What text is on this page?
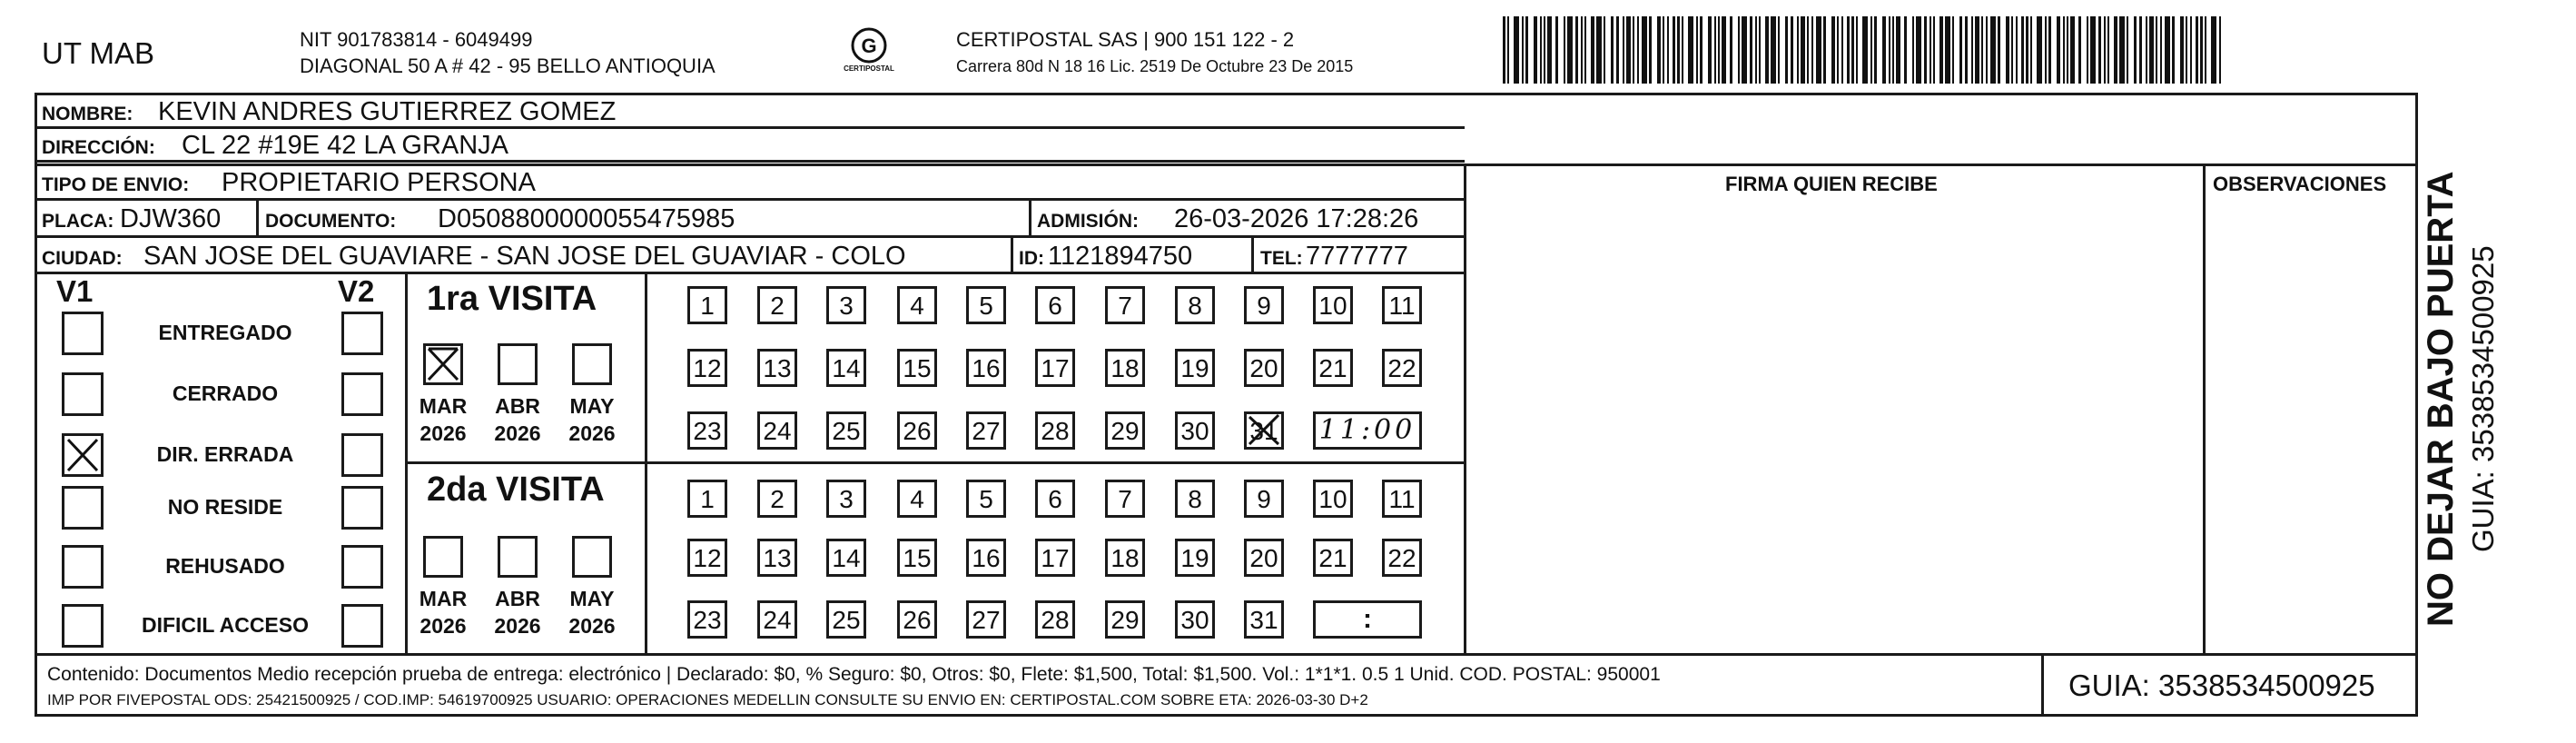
UT MAB	NIT 901783814 - 6049499
DIAGONAL 50 A # 42 - 95 BELLO ANTIOQUIA
G
CERTIPOSTAL
CERTIPOSTAL SAS | 900 151 122 - 2
Carrera 80d N 18 16 Lic. 2519 De Octubre 23 De 2015
NOMBRE: KEVIN ANDRES GUTIERREZ GOMEZ
DIRECCIÓN: CL 22 #19E 42 LA GRANJA
TIPO DE ENVIO: PROPIETARIO PERSONA	FIRMA QUIEN RECIBE	OBSERVACIONES
PLACA: DJW360 DOCUMENTO: D0508800000055475985	ADMISIÓN: 26-03-2026 17:28:26
CIUDAD: SAN JOSE DEL GUAVIARE - SAN JOSE DEL GUAVIAR - COLO	ID: 1121894750	TEL: 7777777
V1	V2
ENTREGADO
CERRADO
DIR. ERRADA
NO RESIDE
REHUSADO
DIFICIL ACCESO
1ra VISITA
MAR
2026
ABR
2026
MAY
2026
1	2	3	4	5	6	7	8	9	10 11
12 13 14 15 16 17 18 19 20 21 22
23 24 25 26 27 28 29 30 31 11:00
2da VISITA
MAR
2026
ABR
2026
MAY
2026
1	2	3	4	5	6	7	8	9	10 11
12 13 14 15 16 17 18 19 20 21 22
23 24 25 26 27 28 29 30 31	:
Contenido: Documentos Medio recepción prueba de entrega: electrónico | Declarado: $0, % Seguro: $0, Otros: $0, Flete: $1,500, Total: $1,500. Vol.: 1*1*1. 0.5 1 Unid. COD. POSTAL: 950001
IMP POR FIVEPOSTAL ODS: 25421500925 / COD.IMP: 54619700925 USUARIO: OPERACIONES MEDELLIN CONSULTE SU ENVIO EN: CERTIPOSTAL.COM SOBRE ETA: 2026-03-30 D+2	GUIA: 3538534500925
NO DEJAR BAJO PUERTA GUIA: 3538534500925
